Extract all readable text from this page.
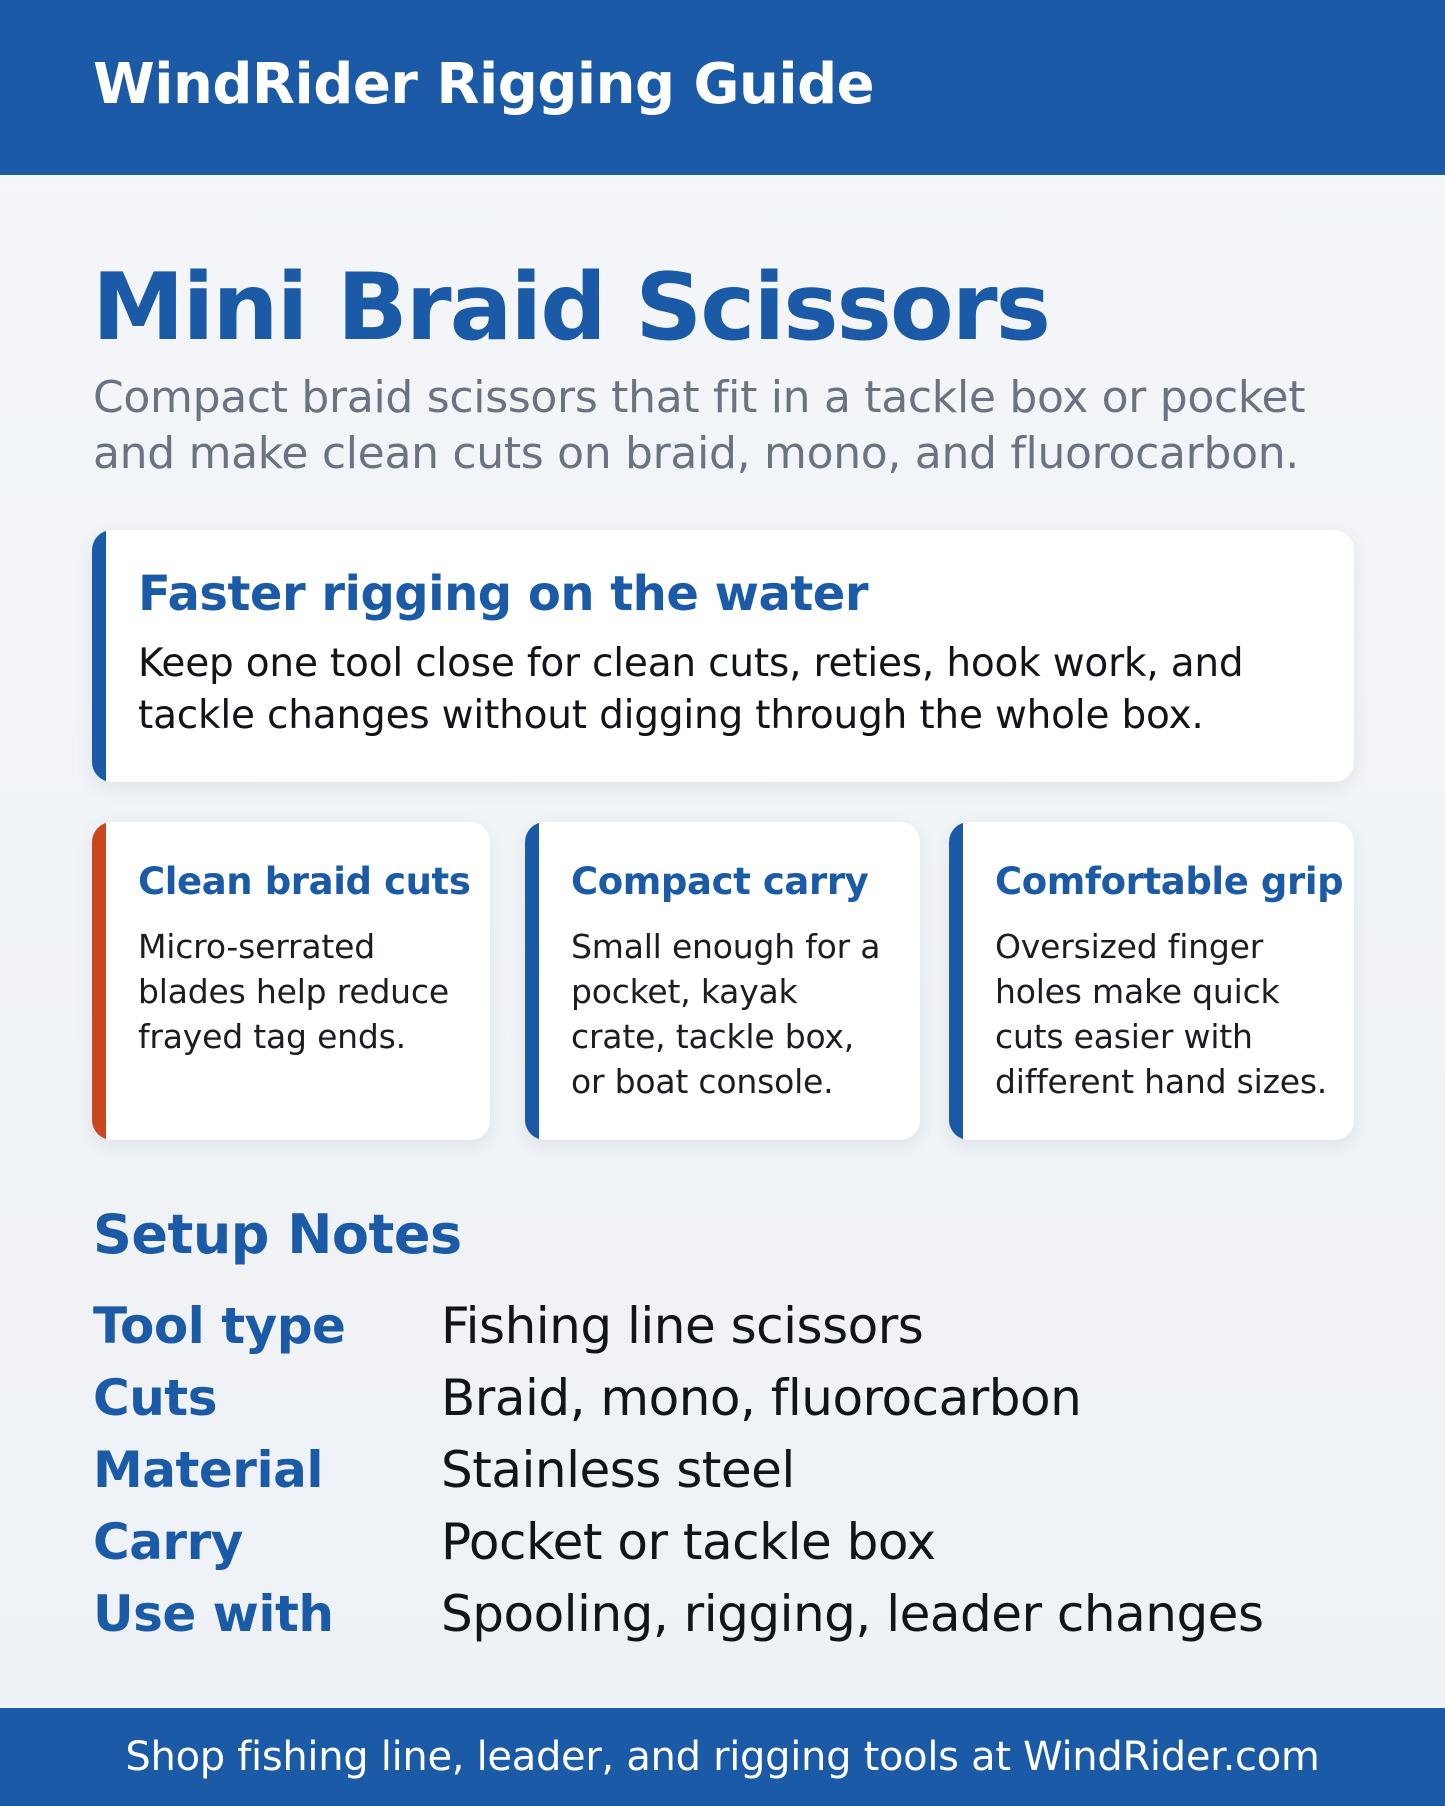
WindRider Rigging Guide
Mini Braid Scissors

Compact braid scissors that fit in a tackle box or pocket and make clean cuts on braid, mono, and fluorocarbon.

Faster rigging on the water

Keep one tool close for clean cuts, reties, hook work, and tackle changes without digging through the whole box.

Clean braid cuts
Micro-serrated
blades help reduce
frayed tag ends.
Compact carry
Small enough for a
pocket, kayak
crate, tackle box,
or boat console.
Comfortable grip
Oversized finger
holes make quick
cuts easier with
different hand sizes.
Setup Notes
Tool type	Fishing line scissors
Cuts	Braid, mono, fluorocarbon
Material	Stainless steel
Carry	Pocket or tackle box
Use with	Spooling, rigging, leader changes
Shop fishing line, leader, and rigging tools at WindRider.com
